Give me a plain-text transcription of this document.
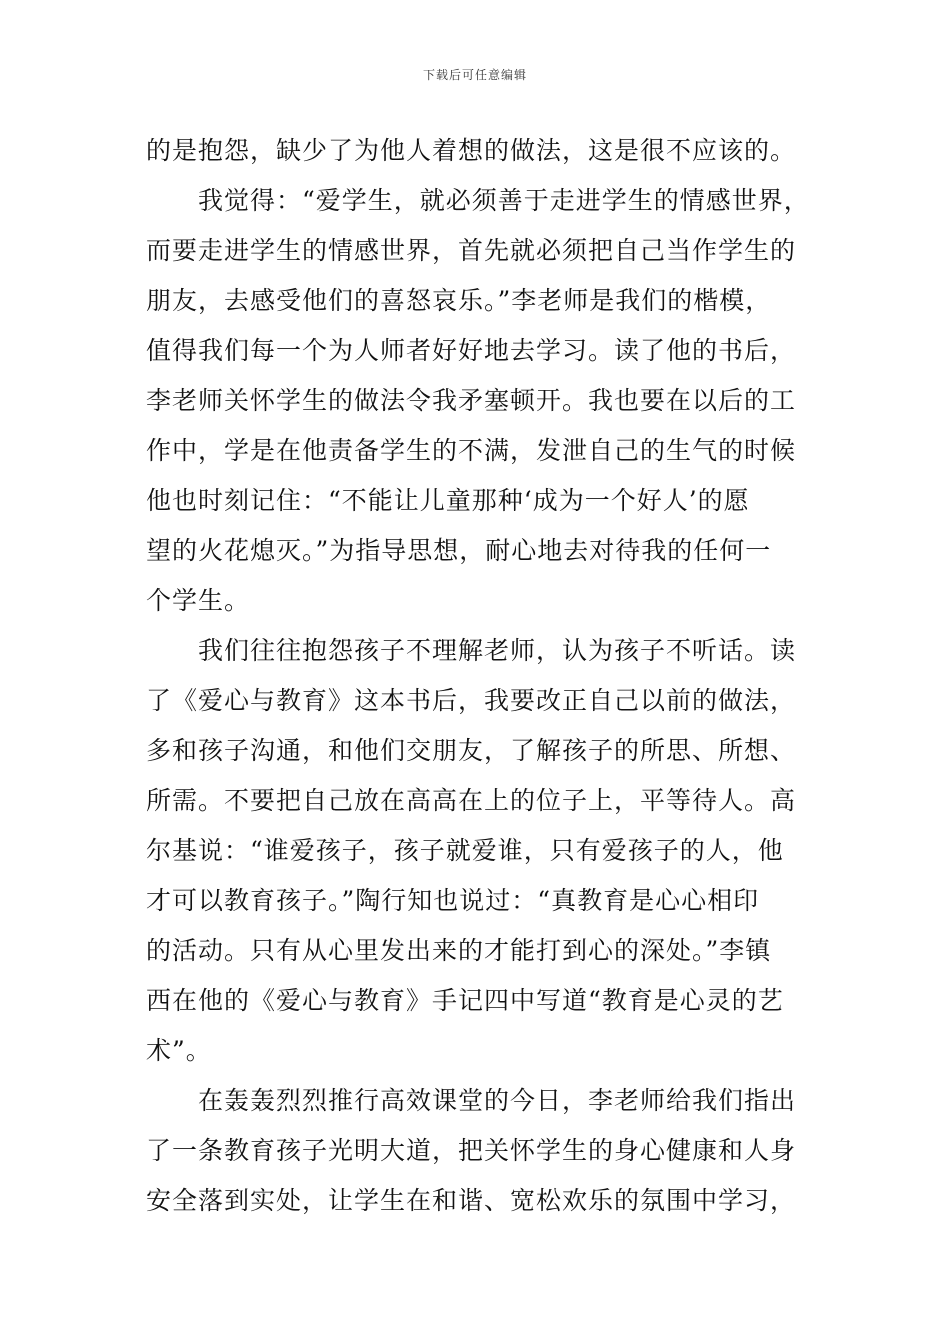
下载后可任意编辑
的是抱怨，缺少了为他人着想的做法，这是很不应该的。
　　我觉得：“爱学生，就必须善于走进学生的情感世界，
而要走进学生的情感世界，首先就必须把自己当作学生的
朋友，去感受他们的喜怒哀乐。”李老师是我们的楷模，
值得我们每一个为人师者好好地去学习。读了他的书后，
李老师关怀学生的做法令我矛塞顿开。我也要在以后的工
作中，学是在他责备学生的不满，发泄自己的生气的时候
他也时刻记住：“不能让儿童那种‘成为一个好人’的愿
望的火花熄灭。”为指导思想，耐心地去对待我的任何一
个学生。
　　我们往往抱怨孩子不理解老师，认为孩子不听话。读
了《爱心与教育》这本书后，我要改正自己以前的做法，
多和孩子沟通，和他们交朋友，了解孩子的所思、所想、
所需。不要把自己放在高高在上的位子上，平等待人。高
尔基说：“谁爱孩子，孩子就爱谁，只有爱孩子的人，他
才可以教育孩子。”陶行知也说过：“真教育是心心相印
的活动。只有从心里发出来的才能打到心的深处。”李镇
西在他的《爱心与教育》手记四中写道“教育是心灵的艺
术”。
　　在轰轰烈烈推行高效课堂的今日，李老师给我们指出
了一条教育孩子光明大道，把关怀学生的身心健康和人身
安全落到实处，让学生在和谐、宽松欢乐的氛围中学习，
